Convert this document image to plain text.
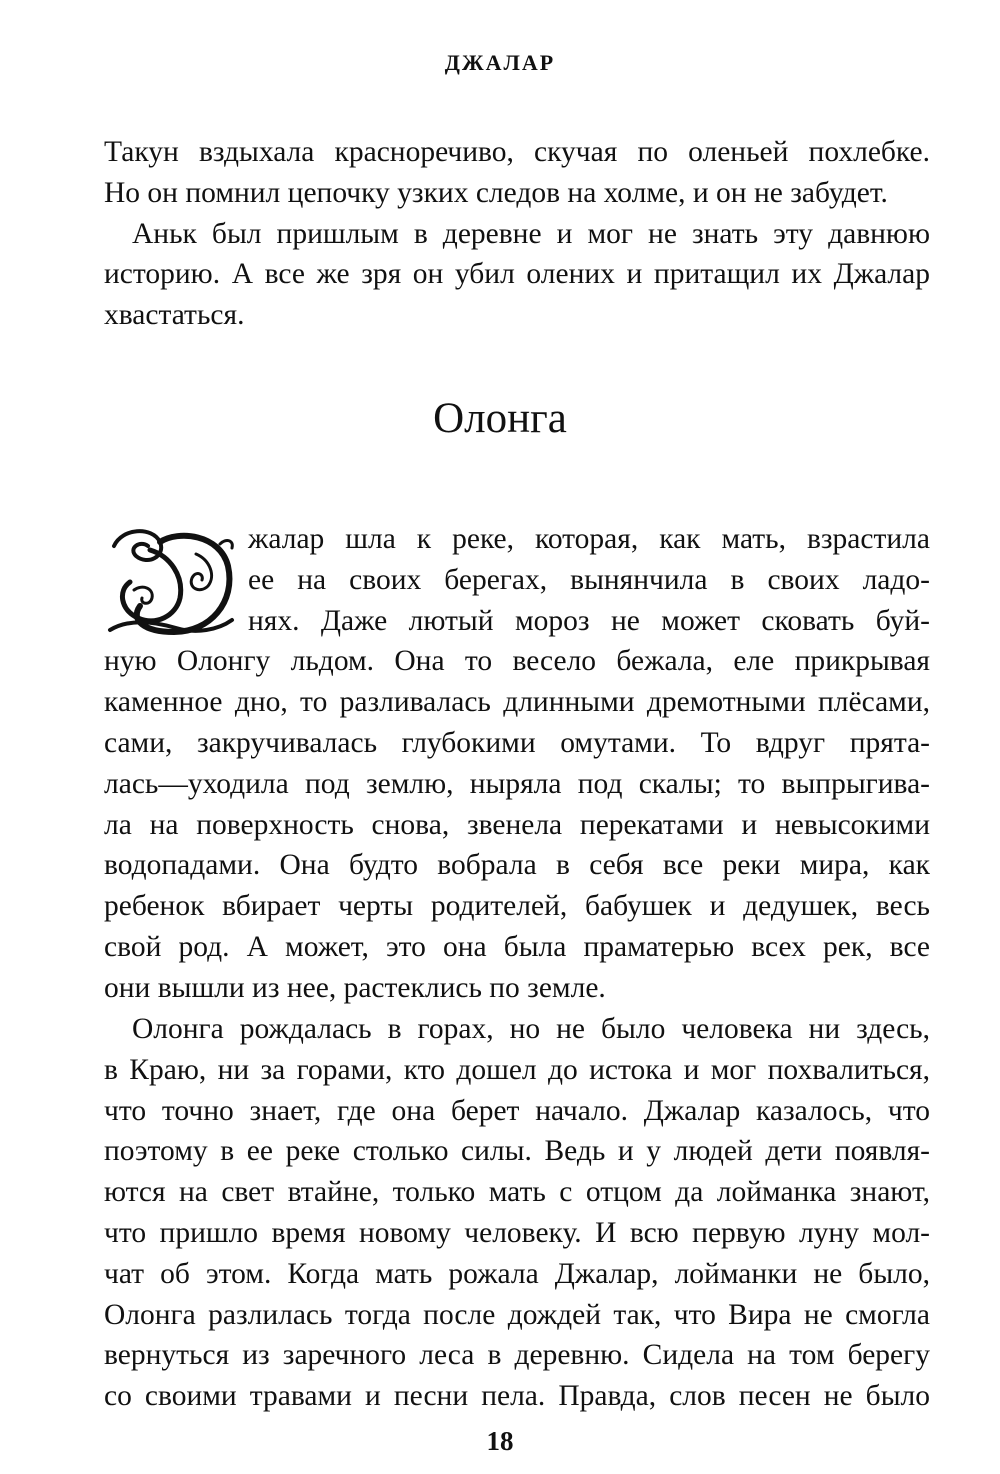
ДЖАЛАР
Такун вздыхала красноречиво, скучая по оленьей похлебке.
Но он помнил цепочку узких следов на холме, и он не забудет.
Аньк был пришлым в деревне и мог не знать эту давнюю
историю. А все же зря он убил олених и притащил их Джалар
хвастаться.
Олонга
жалар шла к реке, которая, как мать, взрастила
ее на своих берегах, вынянчила в своих ладо-
нях. Даже лютый мороз не может сковать буй-
ную Олонгу льдом. Она то весело бежала, еле прикрывая
каменное дно, то разливалась длинными дремотными плёсами,
сами, закручивалась глубокими омутами. То вдруг прята-
лась—уходила под землю, ныряла под скалы; то выпрыгива-
ла на поверхность снова, звенела перекатами и невысокими
водопадами. Она будто вобрала в себя все реки мира, как
ребенок вбирает черты родителей, бабушек и дедушек, весь
свой род. А может, это она была праматерью всех рек, все
они вышли из нее, растеклись по земле.
Олонга рождалась в горах, но не было человека ни здесь,
в Краю, ни за горами, кто дошел до истока и мог похвалиться,
что точно знает, где она берет начало. Джалар казалось, что
поэтому в ее реке столько силы. Ведь и у людей дети появля-
ются на свет втайне, только мать с отцом да лойманка знают,
что пришло время новому человеку. И всю первую луну мол-
чат об этом. Когда мать рожала Джалар, лойманки не было,
Олонга разлилась тогда после дождей так, что Вира не смогла
вернуться из заречного леса в деревню. Сидела на том берегу
со своими травами и песни пела. Правда, слов песен не было
18
